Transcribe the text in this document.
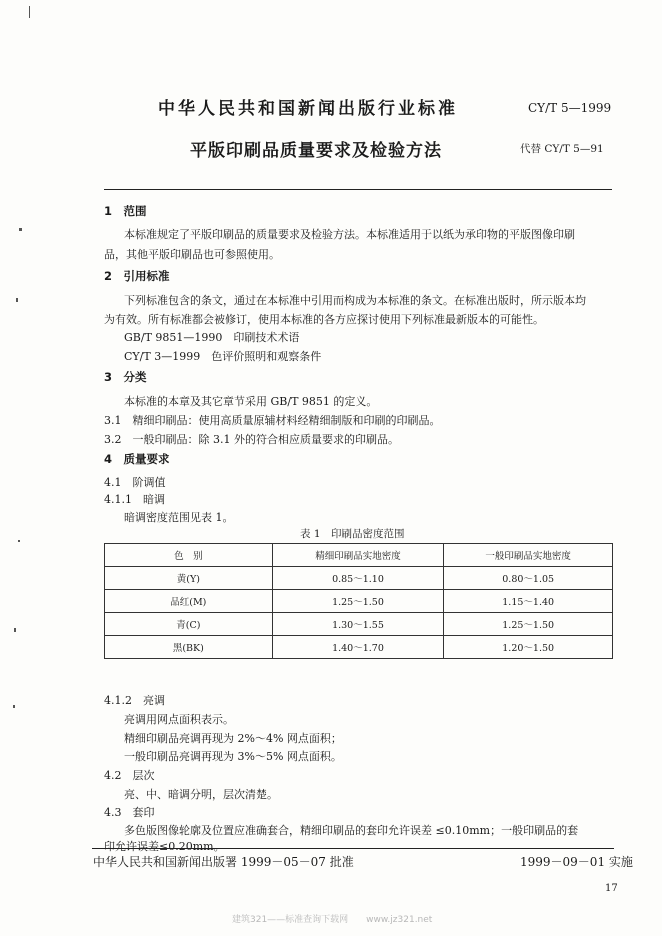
中华人民共和国新闻出版行业标准	CY/T 5—1999
平版印刷品质量要求及检验方法	代替 CY/T 5—91
1　范围
本标准规定了平版印刷品的质量要求及检验方法。本标准适用于以纸为承印物的平版图像印刷
品，其他平版印刷品也可参照使用。
2　引用标准
下列标准包含的条文，通过在本标准中引用而构成为本标准的条文。在标准出版时，所示版本均
为有效。所有标准都会被修订，使用本标准的各方应探讨使用下列标准最新版本的可能性。
GB/T 9851—1990　印刷技术术语
CY/T 3—1999　色评价照明和观察条件
3　分类
本标准的本章及其它章节采用 GB/T 9851 的定义。
3.1　精细印刷品：使用高质量原辅材料经精细制版和印刷的印刷品。
3.2　一般印刷品：除 3.1 外的符合相应质量要求的印刷品。
4　质量要求
4.1　阶调值
4.1.1　暗调
暗调密度范围见表 1。
表 1　印刷品密度范围
色　别	精细印刷品实地密度	一般印刷品实地密度
黄(Y)	0.85～1.10	0.80～1.05
品红(M)	1.25～1.50	1.15～1.40
青(C)	1.30～1.55	1.25～1.50
黑(BK)	1.40～1.70	1.20～1.50
4.1.2　亮调
亮调用网点面积表示。
精细印刷品亮调再现为 2%～4% 网点面积；
一般印刷品亮调再现为 3%～5% 网点面积。
4.2　层次
亮、中、暗调分明，层次清楚。
4.3　套印
多色版图像轮廓及位置应准确套合，精细印刷品的套印允许误差 ≤0.10mm；一般印刷品的套
印允许误差≤0.20mm。
中华人民共和国新闻出版署 1999－05－07 批准	1999－09－01 实施
17
建筑321——标准查询下载网　　www.jz321.net
